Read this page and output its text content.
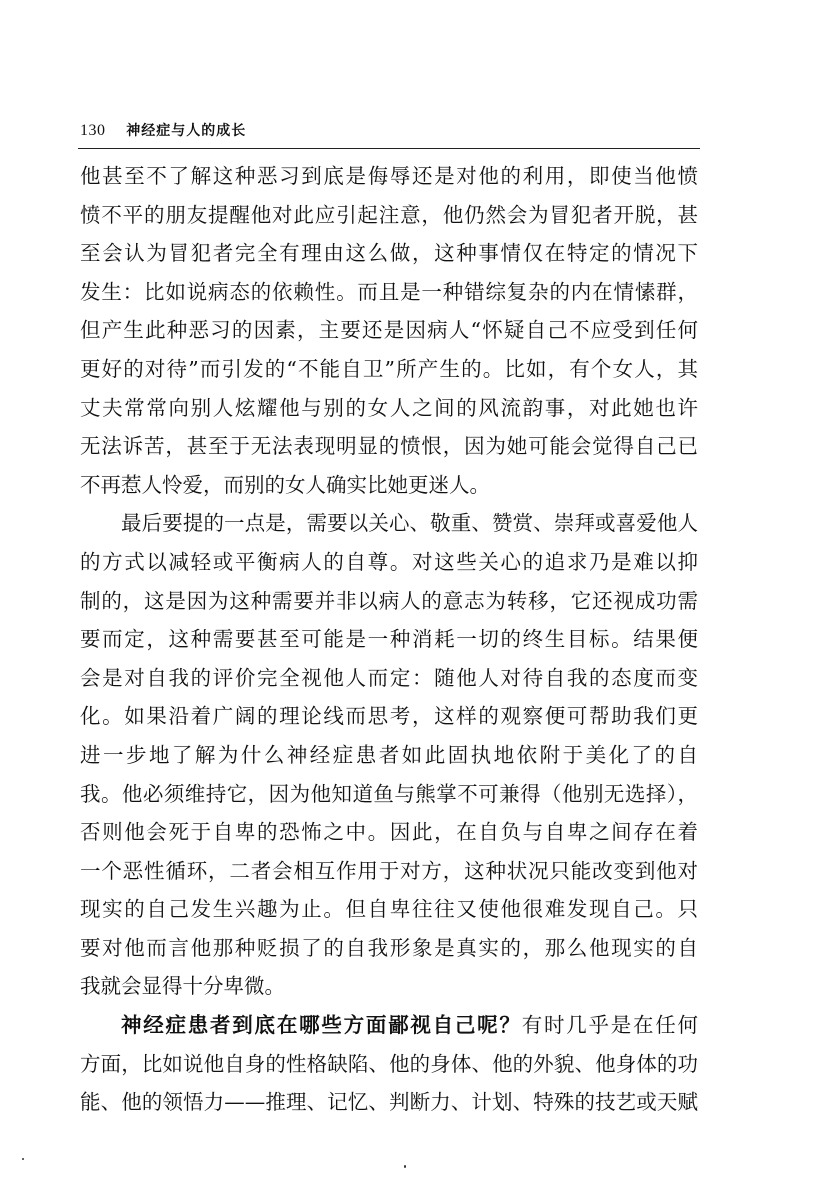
130 神经症与人的成长
他甚至不了解这种恶习到底是侮辱还是对他的利用，即使当他愤
愤不平的朋友提醒他对此应引起注意，他仍然会为冒犯者开脱，甚
至会认为冒犯者完全有理由这么做，这种事情仅在特定的情况下
发生：比如说病态的依赖性。而且是一种错综复杂的内在情愫群，
但产生此种恶习的因素，主要还是因病人“怀疑自己不应受到任何
更好的对待”而引发的“不能自卫”所产生的。比如，有个女人，其
丈夫常常向别人炫耀他与别的女人之间的风流韵事，对此她也许
无法诉苦，甚至于无法表现明显的愤恨，因为她可能会觉得自己已
不再惹人怜爱，而别的女人确实比她更迷人。
最后要提的一点是，需要以关心、敬重、赞赏、崇拜或喜爱他人
的方式以减轻或平衡病人的自尊。对这些关心的追求乃是难以抑
制的，这是因为这种需要并非以病人的意志为转移，它还视成功需
要而定，这种需要甚至可能是一种消耗一切的终生目标。结果便
会是对自我的评价完全视他人而定：随他人对待自我的态度而变
化。如果沿着广阔的理论线而思考，这样的观察便可帮助我们更
进一步地了解为什么神经症患者如此固执地依附于美化了的自
我。他必须维持它，因为他知道鱼与熊掌不可兼得（他别无选择），
否则他会死于自卑的恐怖之中。因此，在自负与自卑之间存在着
一个恶性循环，二者会相互作用于对方，这种状况只能改变到他对
现实的自己发生兴趣为止。但自卑往往又使他很难发现自己。只
要对他而言他那种贬损了的自我形象是真实的，那么他现实的自
我就会显得十分卑微。
神经症患者到底在哪些方面鄙视自己呢？有时几乎是在任何
方面，比如说他自身的性格缺陷、他的身体、他的外貌、他身体的功
能、他的领悟力——推理、记忆、判断力、计划、特殊的技艺或天赋
